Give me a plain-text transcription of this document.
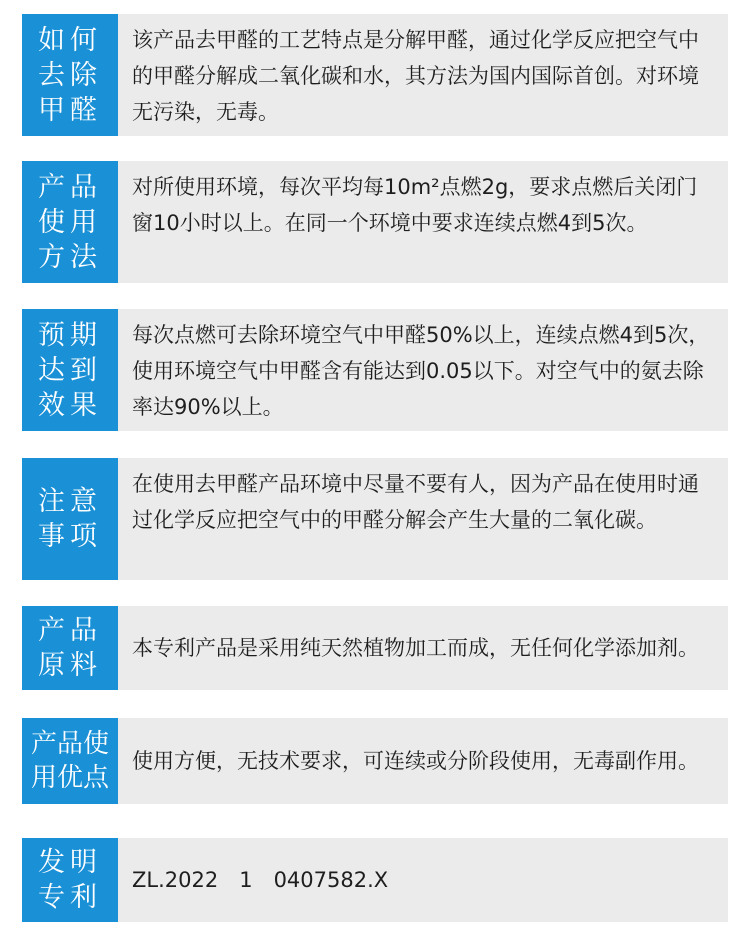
如何
去除
甲醛
该产品去甲醛的工艺特点是分解甲醛，通过化学反应把空气中的甲醛分解成二氧化碳和水，其方法为国内国际首创。对环境无污染，无毒。
产品
使用
方法
对所使用环境，每次平均每10m²点燃2g，要求点燃后关闭门窗10小时以上。在同一个环境中要求连续点燃4到5次。
预期
达到
效果
每次点燃可去除环境空气中甲醛50%以上，连续点燃4到5次，使用环境空气中甲醛含有能达到0.05以下。对空气中的氨去除率达90%以上。
注意
事项
在使用去甲醛产品环境中尽量不要有人，因为产品在使用时通过化学反应把空气中的甲醛分解会产生大量的二氧化碳。
产品
原料
本专利产品是采用纯天然植物加工而成，无任何化学添加剂。
产品使
用优点
使用方便，无技术要求，可连续或分阶段使用，无毒副作用。
发明
专利
ZL.2022　1　0407582.X
